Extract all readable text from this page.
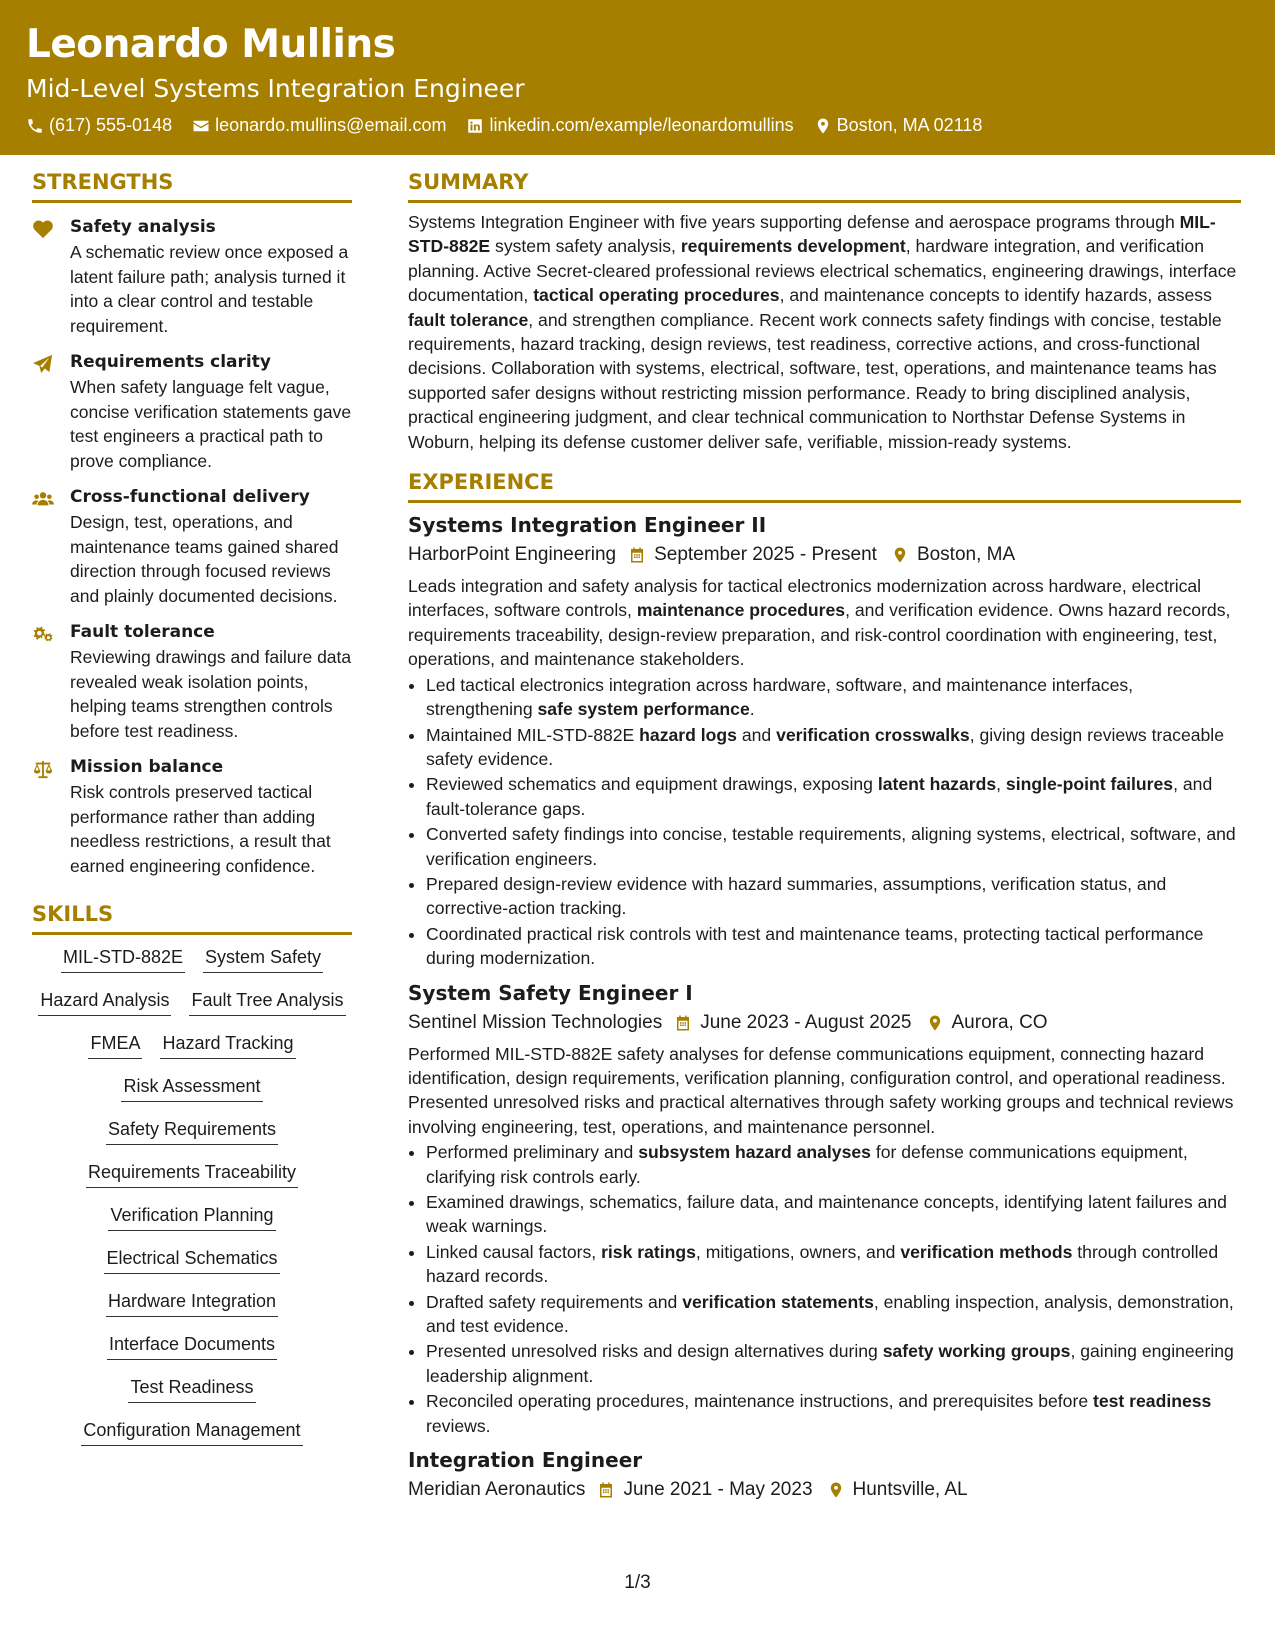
Leonardo Mullins
Mid-Level Systems Integration Engineer
(617) 555-0148 leonardo.mullins@email.com linkedin.com/example/leonardomullins Boston, MA 02118
STRENGTHS
Safety analysis
A schematic review once exposed a latent failure path; analysis turned it into a clear control and testable requirement.
Requirements clarity
When safety language felt vague, concise verification statements gave test engineers a practical path to prove compliance.
Cross-functional delivery
Design, test, operations, and maintenance teams gained shared direction through focused reviews and plainly documented decisions.
Fault tolerance
Reviewing drawings and failure data revealed weak isolation points, helping teams strengthen controls before test readiness.
Mission balance
Risk controls preserved tactical performance rather than adding needless restrictions, a result that earned engineering confidence.
SKILLS
MIL-STD-882E System Safety
Hazard Analysis Fault Tree Analysis
FMEA Hazard Tracking
Risk Assessment
Safety Requirements
Requirements Traceability
Verification Planning
Electrical Schematics
Hardware Integration
Interface Documents
Test Readiness
Configuration Management
SUMMARY
Systems Integration Engineer with five years supporting defense and aerospace programs through MIL-STD-882E system safety analysis, requirements development, hardware integration, and verification planning. Active Secret-cleared professional reviews electrical schematics, engineering drawings, interface documentation, tactical operating procedures, and maintenance concepts to identify hazards, assess fault tolerance, and strengthen compliance. Recent work connects safety findings with concise, testable requirements, hazard tracking, design reviews, test readiness, corrective actions, and cross-functional decisions. Collaboration with systems, electrical, software, test, operations, and maintenance teams has supported safer designs without restricting mission performance. Ready to bring disciplined analysis, practical engineering judgment, and clear technical communication to Northstar Defense Systems in Woburn, helping its defense customer deliver safe, verifiable, mission-ready systems.
EXPERIENCE
Systems Integration Engineer II
HarborPoint Engineering September 2025 - Present Boston, MA
Leads integration and safety analysis for tactical electronics modernization across hardware, electrical interfaces, software controls, maintenance procedures, and verification evidence. Owns hazard records, requirements traceability, design-review preparation, and risk-control coordination with engineering, test, operations, and maintenance stakeholders.
• Led tactical electronics integration across hardware, software, and maintenance interfaces, strengthening safe system performance.
• Maintained MIL-STD-882E hazard logs and verification crosswalks, giving design reviews traceable safety evidence.
• Reviewed schematics and equipment drawings, exposing latent hazards, single-point failures, and fault-tolerance gaps.
• Converted safety findings into concise, testable requirements, aligning systems, electrical, software, and verification engineers.
• Prepared design-review evidence with hazard summaries, assumptions, verification status, and corrective-action tracking.
• Coordinated practical risk controls with test and maintenance teams, protecting tactical performance during modernization.
System Safety Engineer I
Sentinel Mission Technologies June 2023 - August 2025 Aurora, CO
Performed MIL-STD-882E safety analyses for defense communications equipment, connecting hazard identification, design requirements, verification planning, configuration control, and operational readiness. Presented unresolved risks and practical alternatives through safety working groups and technical reviews involving engineering, test, operations, and maintenance personnel.
• Performed preliminary and subsystem hazard analyses for defense communications equipment, clarifying risk controls early.
• Examined drawings, schematics, failure data, and maintenance concepts, identifying latent failures and weak warnings.
• Linked causal factors, risk ratings, mitigations, owners, and verification methods through controlled hazard records.
• Drafted safety requirements and verification statements, enabling inspection, analysis, demonstration, and test evidence.
• Presented unresolved risks and design alternatives during safety working groups, gaining engineering leadership alignment.
• Reconciled operating procedures, maintenance instructions, and prerequisites before test readiness reviews.
Integration Engineer
Meridian Aeronautics June 2021 - May 2023 Huntsville, AL
1/3
